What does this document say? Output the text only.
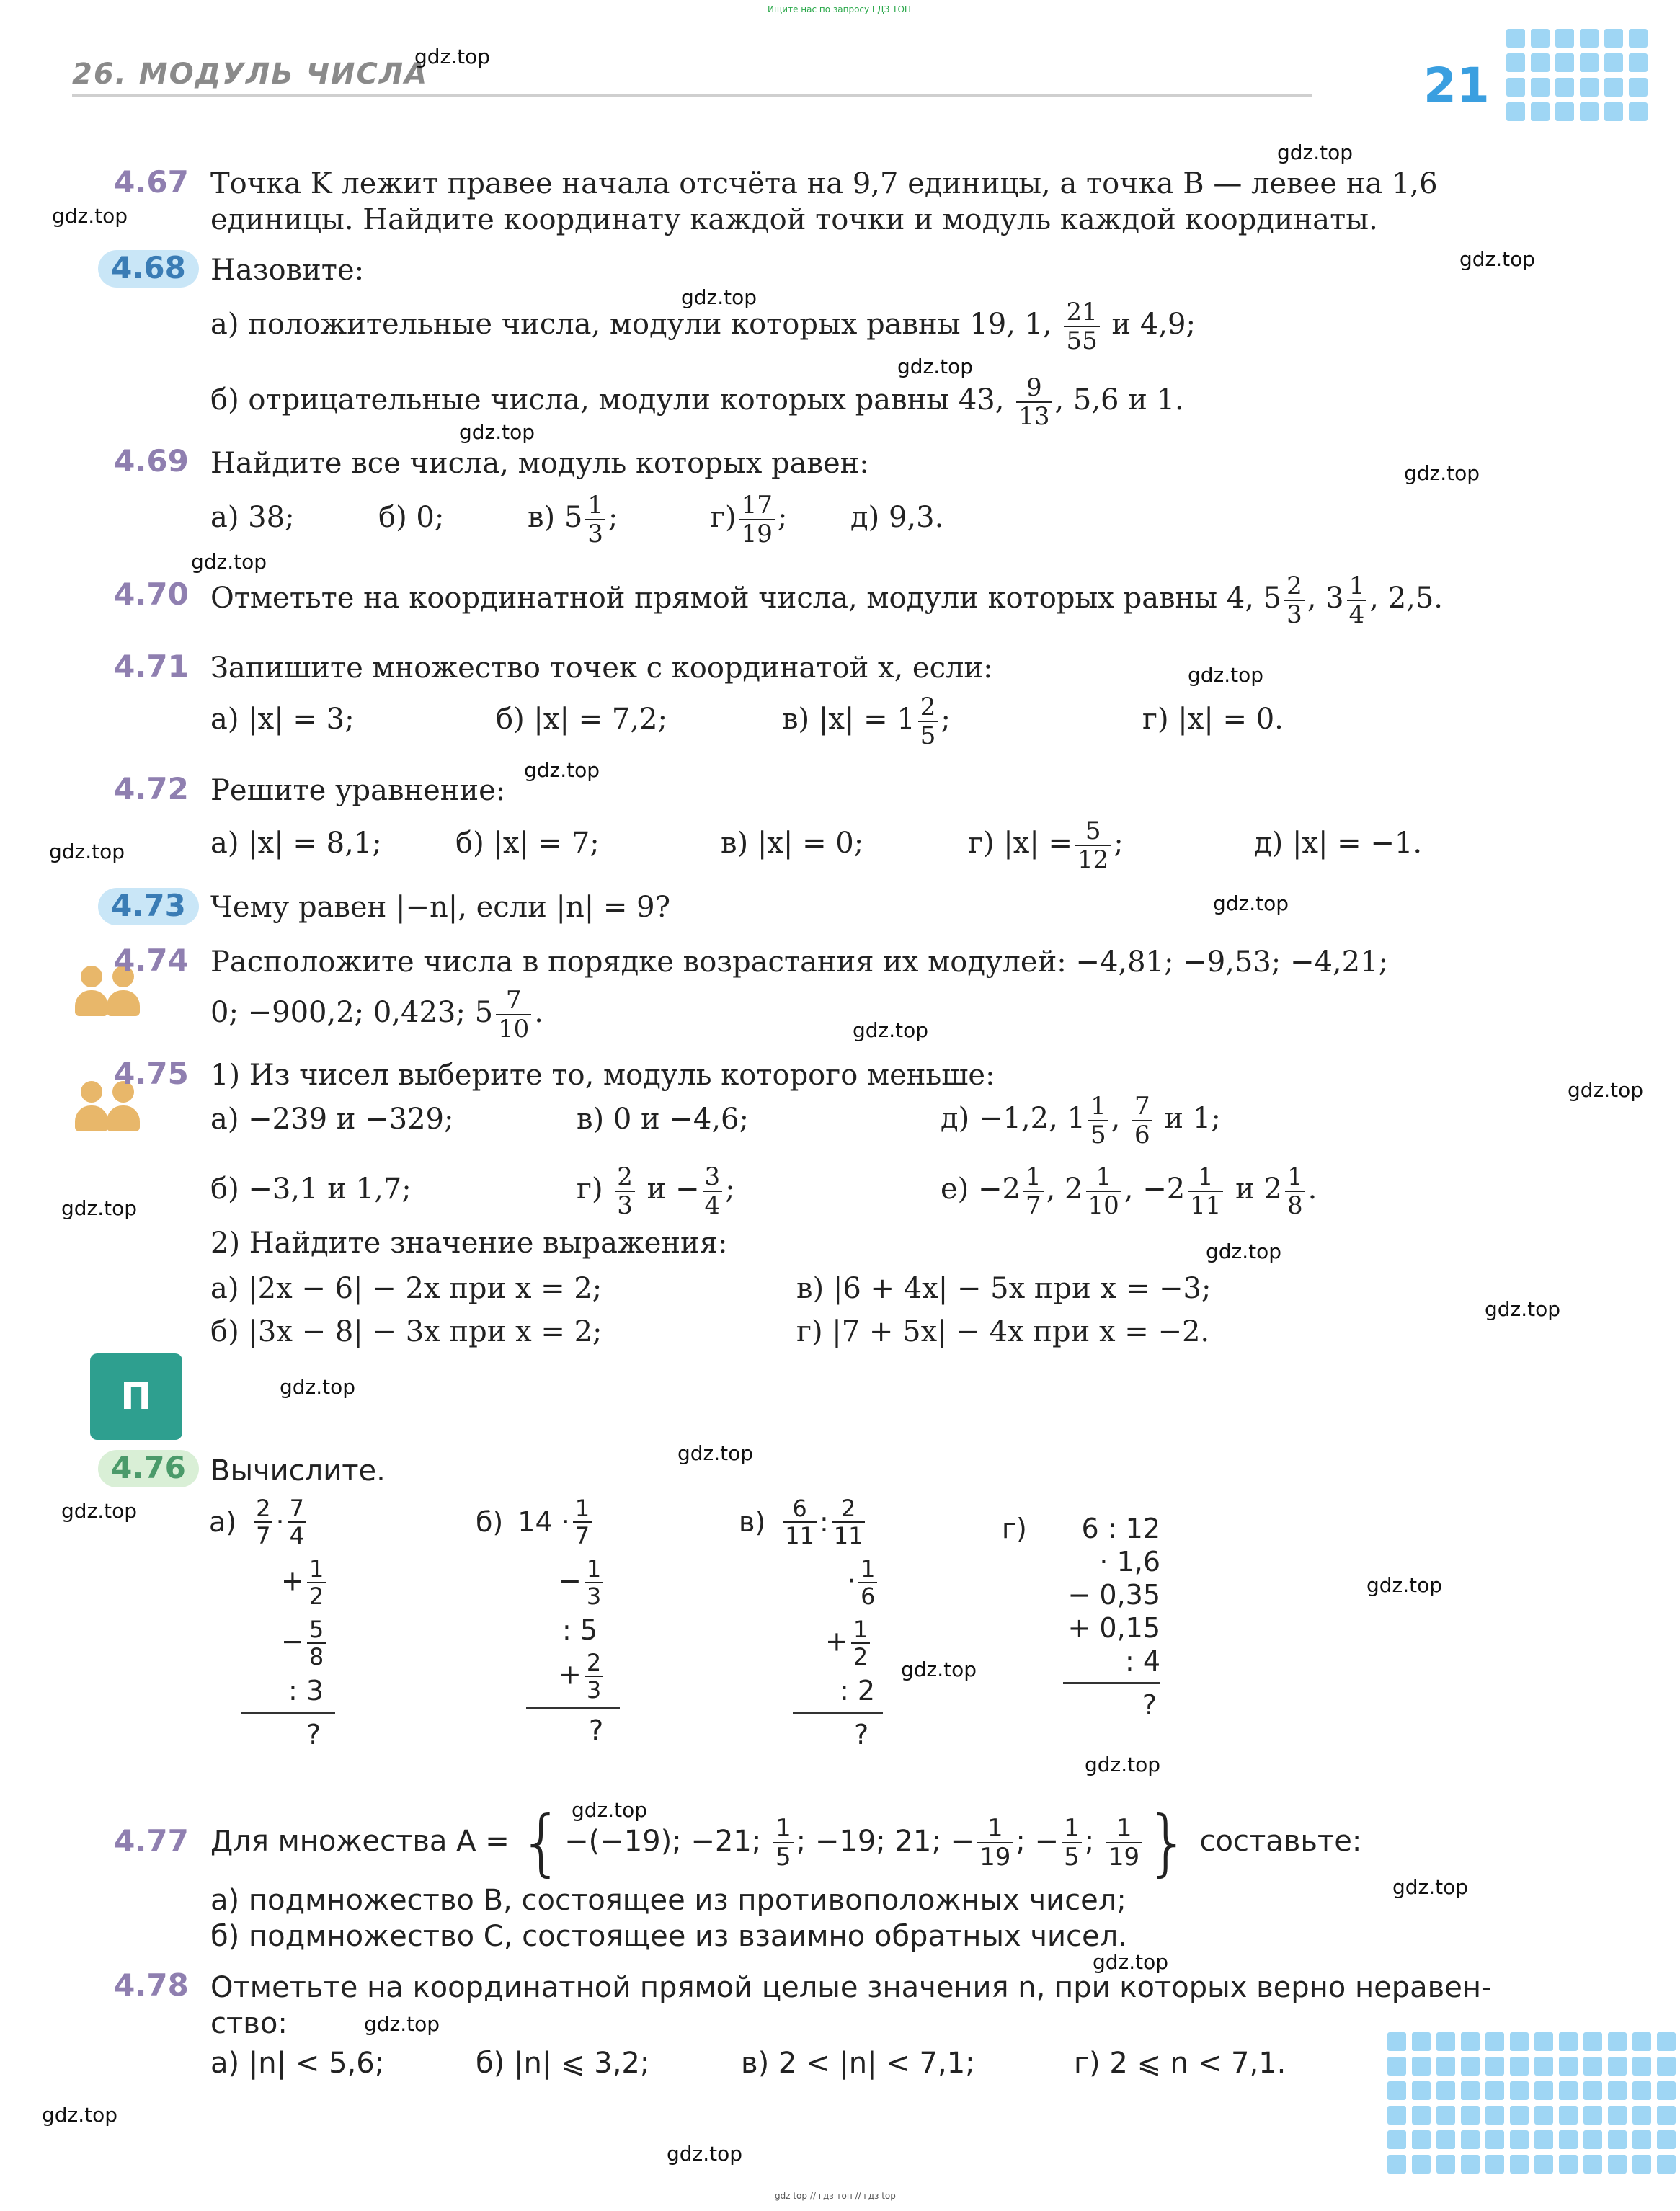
Ищите нас по запросу ГДЗ ТОП
26. МОДУЛЬ ЧИСЛА	21
4.67 Точка K лежит правее начала отсчёта на 9,7 единицы, а точка B — левее на 1,6
единицы. Найдите координату каждой точки и модуль каждой координаты.
4.68 Назовите:
а) положительные числа, модули которых равны 19, 1, $\frac{21}{55}$ и 4,9;
б) отрицательные числа, модули которых равны 43, $\frac{9}{13}$ , 5,6 и 1.
4.69 Найдите все числа, модуль которых равен:
а) 38;	б) 0;	в) $5 \frac{1}{3}$ ;	$г) \frac{17}{19}$ ; д) 9,3.
4.70 Отметьте на координатной прямой числа, модули которых равны 4, $5 \frac{2}{3}$ , $3 \frac{1}{4}$ , 2,5.
4.71 Запишите множество точек с координатой x, если:
а) |x| = 3;	б) |x| = 7,2;	в) $|x| = 1 \frac{2}{5}$ ;	г) |x| = 0.
4.72 Решите уравнение:
а) |x| = 8,1;	б) |x| = 7;	в) |x| = 0;	г) $|x| = \frac{5}{12}$ ;	д) |x| = −1.
4.73 Чему равен |−n|, если |n| = 9?
4.74 Расположите числа в порядке возрастания их модулей: −4,81; −9,53; −4,21;
0; −900,2; 0,423; $5 \frac{7}{10}$ .
4.75 1) Из чисел выберите то, модуль которого меньше:
а) −239 и −329;	в) 0 и −4,6;	д) −1,2, $1 \frac{1}{5}$ , $\frac{7}{6}$ и 1;
б) −3,1 и 1,7;	$г) \frac{2}{3}$ $и - \frac{3}{4}$ ;	$е) -2 \frac{1}{7}$ , $2 \frac{1}{10}$ , $-2 \frac{1}{11}$ и $2 \frac{1}{8}$ .
2) Найдите значение выражения:
а) |2x − 6| − 2x при x = 2;	в) |6 + 4x| − 5x при x = −3;
б) |3x − 8| − 3x при x = 2;	г) |7 + 5x| − 4x при x = −2.
П
4.76 Вычислите.
$а) \frac{2}{7} \cdot \frac{7}{4}$
+ $\frac{1}{2}$
− $\frac{5}{8}$
: 3
?
б) $14 \cdot \frac{1}{7}$
− $\frac{1}{3}$
: 5
+ $\frac{2}{3}$
?
$в) \frac{6}{11}$ : $\frac{2}{11}$
· $\frac{1}{6}$
+ $\frac{1}{2}$
: 2
?
г) 6 : 12
· 1,6
− 0,35
+ 0,15
: 4
?
4.77 Для множества A = {−(−19); −21; $\frac{1}{5}$ ; −19; 21; − $\frac{1}{19}$ ; − $\frac{1}{5}$ ; $\frac{1}{19}$ } составьте:
а) подмножество B, состоящее из противоположных чисел;
б) подмножество C, состоящее из взаимно обратных чисел.
4.78 Отметьте на координатной прямой целые значения n, при которых верно неравен-
ство:
а) |n| < 5,6;	б) |n| ⩽ 3,2;	в) 2 < |n| < 7,1;	г) 2 ⩽ n < 7,1.
gdz.top
gdz.top
gdz.top
gdz.top
gdz.top
gdz.top
gdz.top
gdz.top
gdz.top
gdz.top
gdz.top
gdz.top
gdz.top
gdz.top
gdz.top
gdz.top
gdz.top
gdz.top
gdz.top
gdz.top
gdz.top
gdz.top
gdz.top
gdz.top
gdz.top
gdz.top
gdz.top
gdz.top
gdz.top
gdz.top
gdz top // гдз топ // гдз top
